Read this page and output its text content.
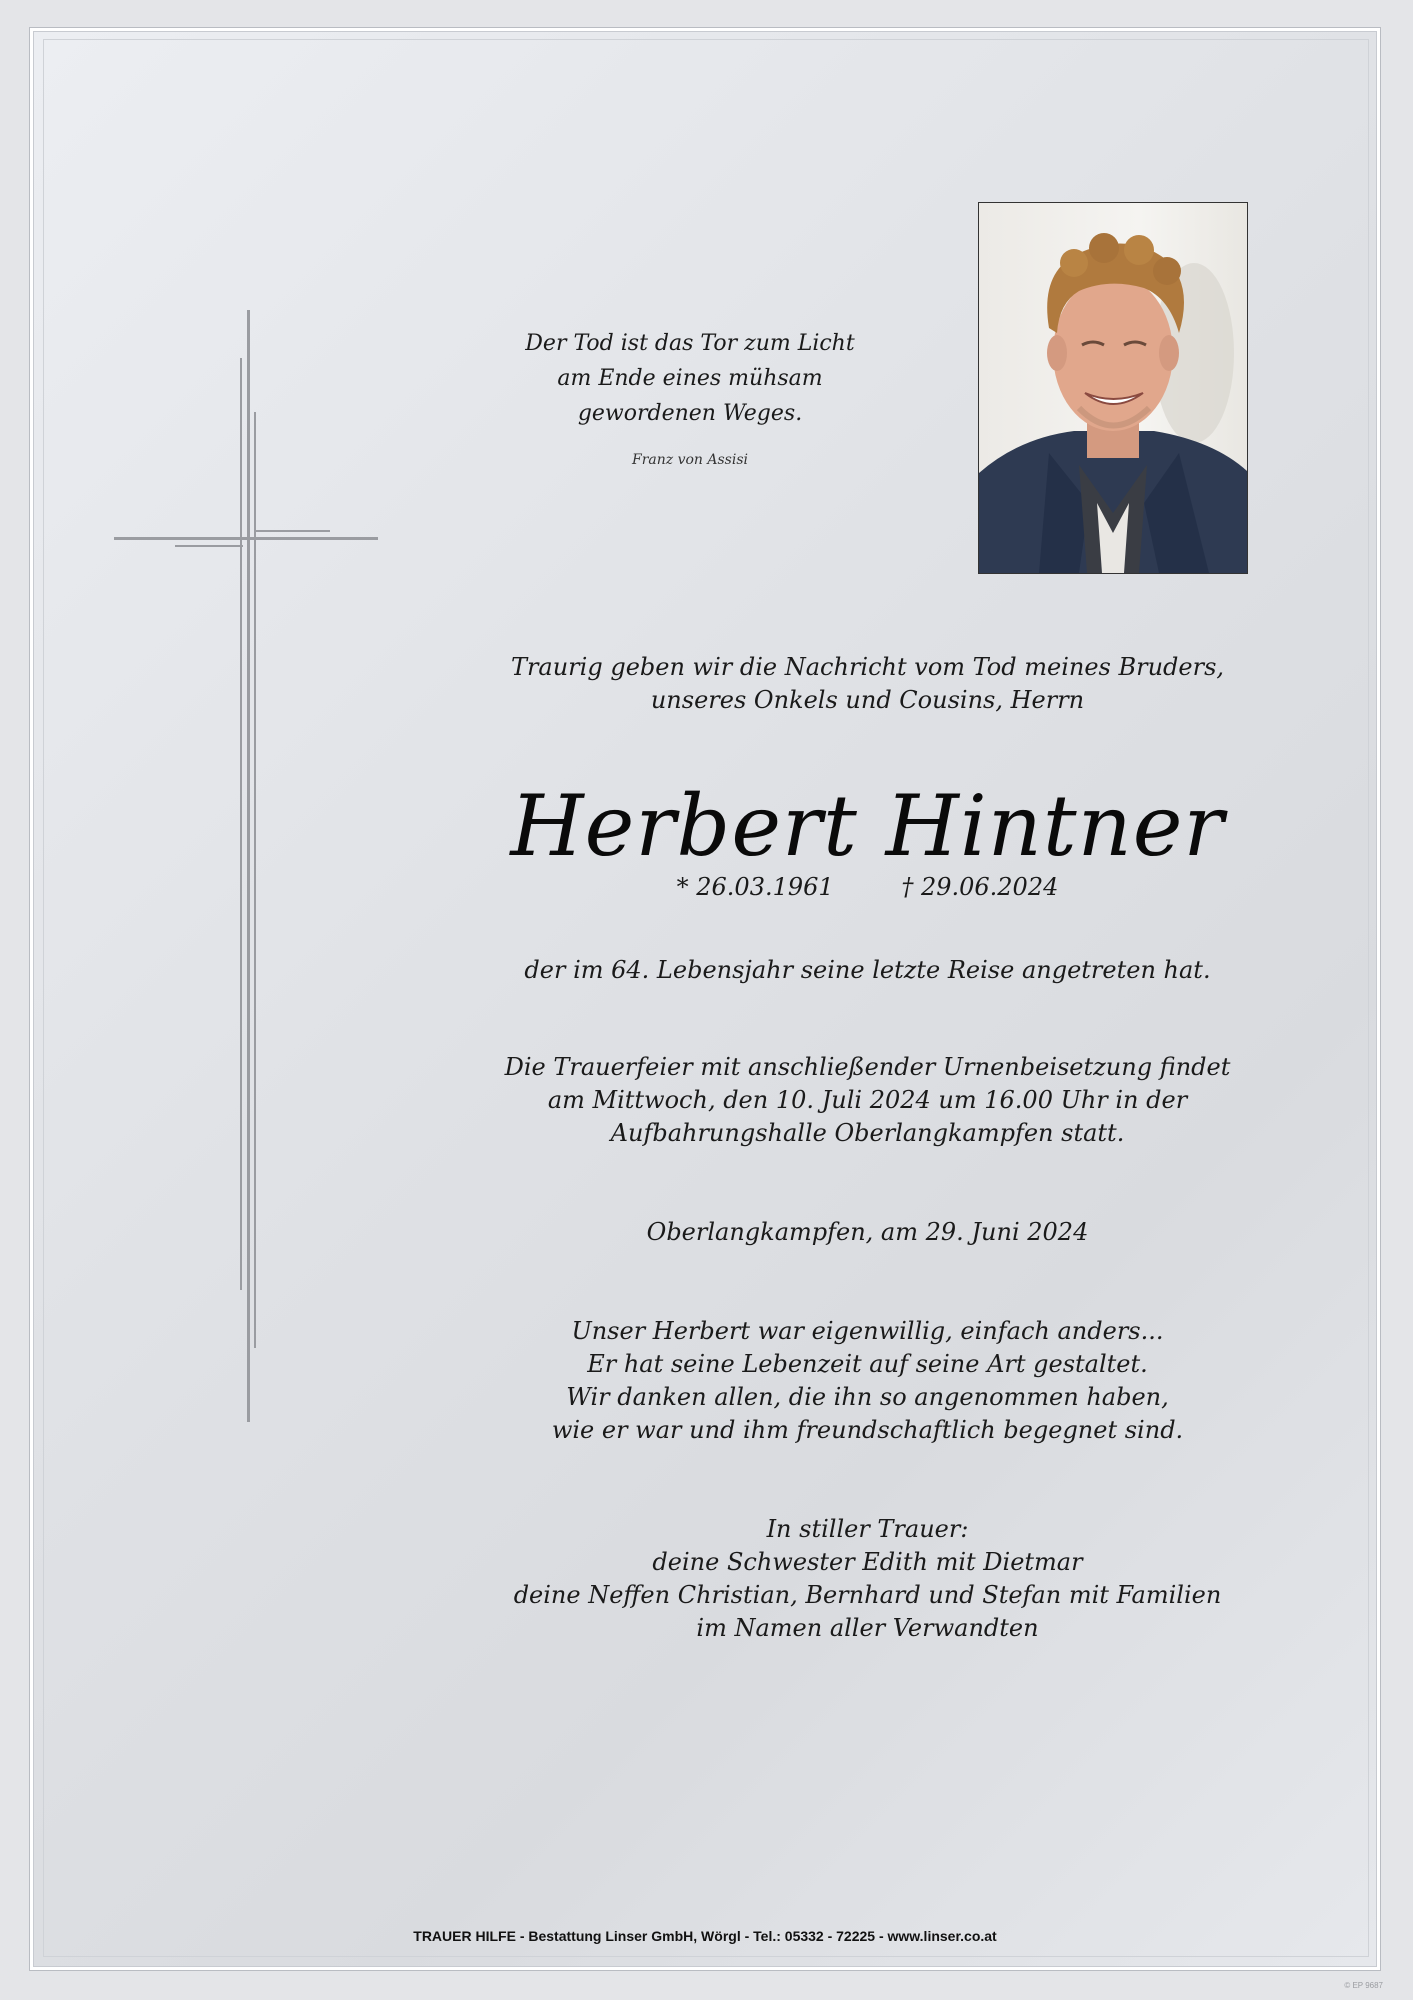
Der Tod ist das Tor zum Licht
am Ende eines mühsam
gewordenen Weges.
Franz von Assisi
Traurig geben wir die Nachricht vom Tod meines Bruders,
unseres Onkels und Cousins, Herrn
Herbert Hintner
* 26.03.1961	† 29.06.2024
der im 64. Lebensjahr seine letzte Reise angetreten hat.
Die Trauerfeier mit anschließender Urnenbeisetzung findet
am Mittwoch, den 10. Juli 2024 um 16.00 Uhr in der
Aufbahrungshalle Oberlangkampfen statt.
Oberlangkampfen, am 29. Juni 2024
Unser Herbert war eigenwillig, einfach anders...
Er hat seine Lebenzeit auf seine Art gestaltet.
Wir danken allen, die ihn so angenommen haben,
wie er war und ihm freundschaftlich begegnet sind.
In stiller Trauer:
deine Schwester Edith mit Dietmar
deine Neffen Christian, Bernhard und Stefan mit Familien
im Namen aller Verwandten
TRAUER HILFE - Bestattung Linser GmbH, Wörgl - Tel.: 05332 - 72225 - www.linser.co.at
© EP 9687
